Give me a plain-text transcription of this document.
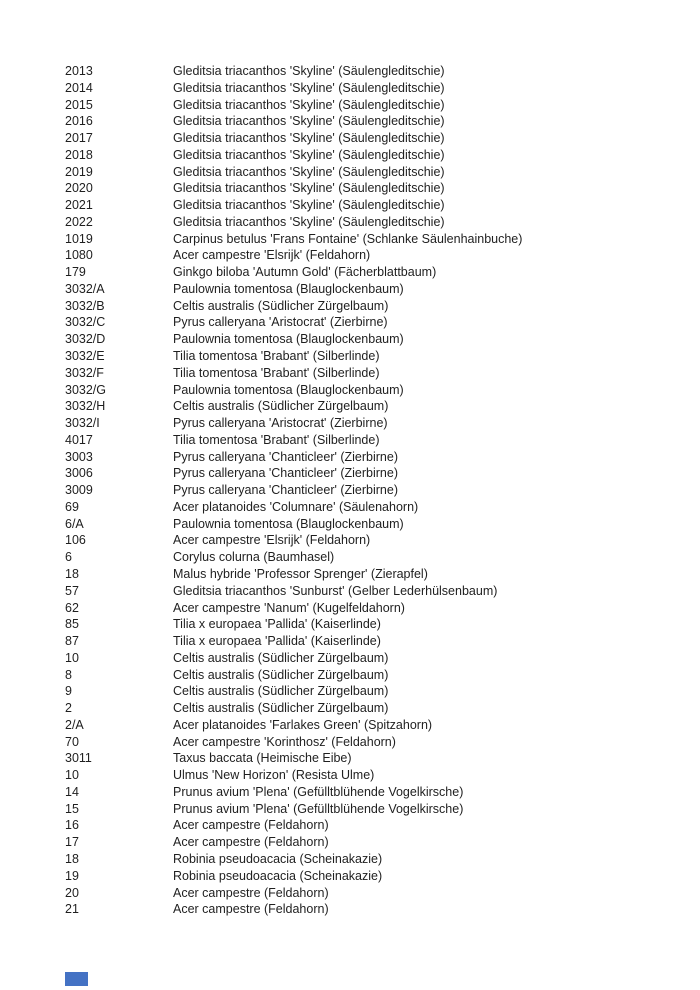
2013	Gleditsia triacanthos 'Skyline' (Säulengleditschie)
2014	Gleditsia triacanthos 'Skyline' (Säulengleditschie)
2015	Gleditsia triacanthos 'Skyline' (Säulengleditschie)
2016	Gleditsia triacanthos 'Skyline' (Säulengleditschie)
2017	Gleditsia triacanthos 'Skyline' (Säulengleditschie)
2018	Gleditsia triacanthos 'Skyline' (Säulengleditschie)
2019	Gleditsia triacanthos 'Skyline' (Säulengleditschie)
2020	Gleditsia triacanthos 'Skyline' (Säulengleditschie)
2021	Gleditsia triacanthos 'Skyline' (Säulengleditschie)
2022	Gleditsia triacanthos 'Skyline' (Säulengleditschie)
1019	Carpinus betulus 'Frans Fontaine' (Schlanke Säulenhainbuche)
1080	Acer campestre 'Elsrijk' (Feldahorn)
179	Ginkgo biloba 'Autumn Gold' (Fächerblattbaum)
3032/A	Paulownia tomentosa (Blauglockenbaum)
3032/B	Celtis australis (Südlicher Zürgelbaum)
3032/C	Pyrus calleryana 'Aristocrat' (Zierbirne)
3032/D	Paulownia tomentosa (Blauglockenbaum)
3032/E	Tilia tomentosa 'Brabant' (Silberlinde)
3032/F	Tilia tomentosa 'Brabant' (Silberlinde)
3032/G	Paulownia tomentosa (Blauglockenbaum)
3032/H	Celtis australis (Südlicher Zürgelbaum)
3032/I	Pyrus calleryana 'Aristocrat' (Zierbirne)
4017	Tilia tomentosa 'Brabant' (Silberlinde)
3003	Pyrus calleryana 'Chanticleer' (Zierbirne)
3006	Pyrus calleryana 'Chanticleer' (Zierbirne)
3009	Pyrus calleryana 'Chanticleer' (Zierbirne)
69	Acer platanoides 'Columnare' (Säulenahorn)
6/A	Paulownia tomentosa (Blauglockenbaum)
106	Acer campestre 'Elsrijk' (Feldahorn)
6	Corylus colurna (Baumhasel)
18	Malus hybride 'Professor Sprenger' (Zierapfel)
57	Gleditsia triacanthos 'Sunburst' (Gelber Lederhülsenbaum)
62	Acer campestre 'Nanum' (Kugelfeldahorn)
85	Tilia x europaea 'Pallida' (Kaiserlinde)
87	Tilia x europaea 'Pallida' (Kaiserlinde)
10	Celtis australis (Südlicher Zürgelbaum)
8	Celtis australis (Südlicher Zürgelbaum)
9	Celtis australis (Südlicher Zürgelbaum)
2	Celtis australis (Südlicher Zürgelbaum)
2/A	Acer platanoides 'Farlakes Green' (Spitzahorn)
70	Acer campestre 'Korinthosz' (Feldahorn)
3011	Taxus baccata (Heimische Eibe)
10	Ulmus 'New Horizon' (Resista Ulme)
14	Prunus avium 'Plena' (Gefülltblühende Vogelkirsche)
15	Prunus avium 'Plena' (Gefülltblühende Vogelkirsche)
16	Acer campestre (Feldahorn)
17	Acer campestre (Feldahorn)
18	Robinia pseudoacacia (Scheinakazie)
19	Robinia pseudoacacia (Scheinakazie)
20	Acer campestre (Feldahorn)
21	Acer campestre (Feldahorn)
